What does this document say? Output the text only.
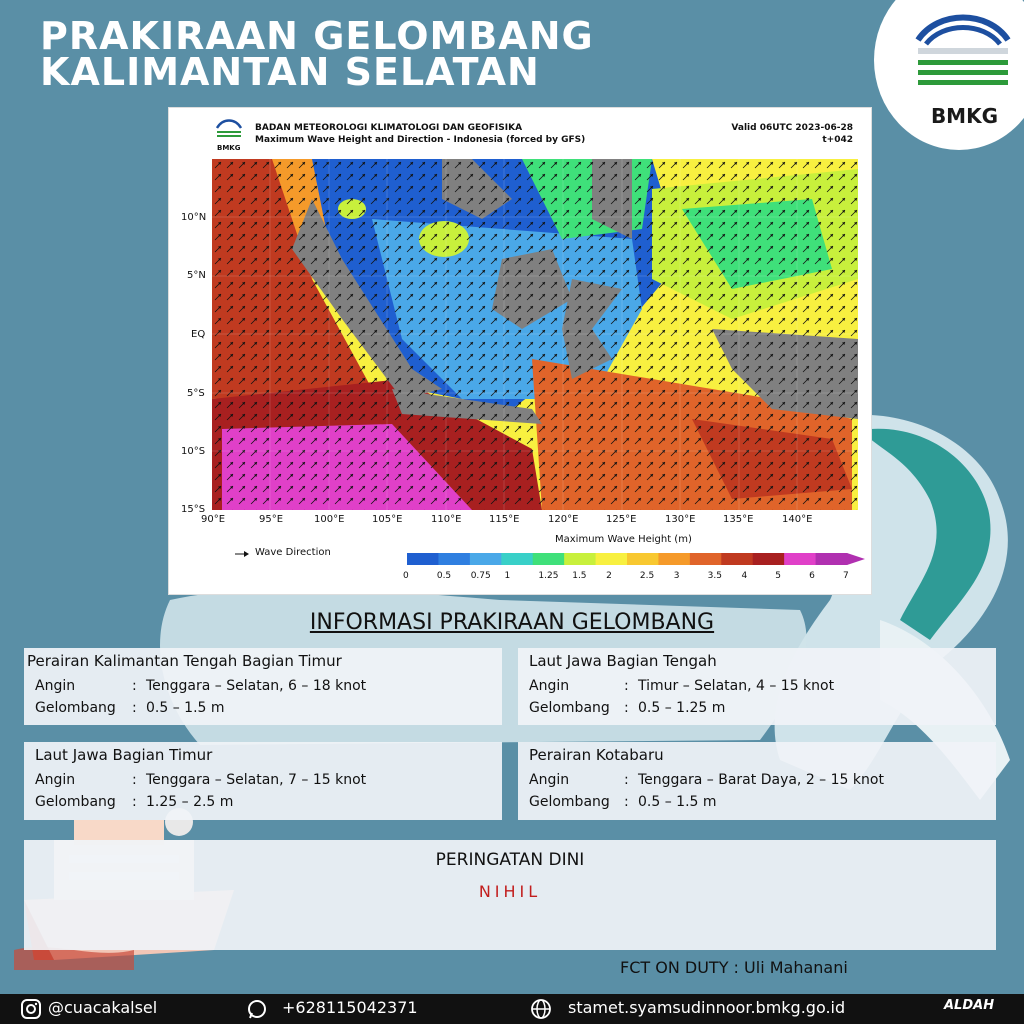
PRAKIRAAN GELOMBANG
KALIMANTAN SELATAN
BMKG
BMKG
BADAN METEOROLOGI KLIMATOLOGI DAN GEOFISIKA
Maximum Wave Height and Direction - Indonesia (forced by GFS)
Valid 06UTC 2023-06-28
t+042
10°N
5°N
EQ
5°S
10°S
15°S
90°E	95°E	100°E	105°E	110°E	115°E	120°E	125°E	130°E	135°E	140°E
Wave Direction
Maximum Wave Height (m)
0	0.5 0.75 1	1.25 1.5 2	2.5 3	3.5 4	5	6	7
INFORMASI PRAKIRAAN GELOMBANG
Perairan Kalimantan Tengah Bagian Timur
Angin	: Tenggara – Selatan, 6 – 18 knot
Gelombang : 0.5 – 1.5 m
Laut Jawa Bagian Tengah
Angin	: Timur – Selatan, 4 – 15 knot
Gelombang : 0.5 – 1.25 m
Laut Jawa Bagian Timur
Angin	: Tenggara – Selatan, 7 – 15 knot
Gelombang : 1.25 – 2.5 m
Perairan Kotabaru
Angin	: Tenggara – Barat Daya, 2 – 15 knot
Gelombang : 0.5 – 1.5 m
PERINGATAN DINI
NIHIL
FCT ON DUTY : Uli Mahanani
@cuacakalsel	+628115042371	stamet.syamsudinnoor.bmkg.go.id	ALDAH
